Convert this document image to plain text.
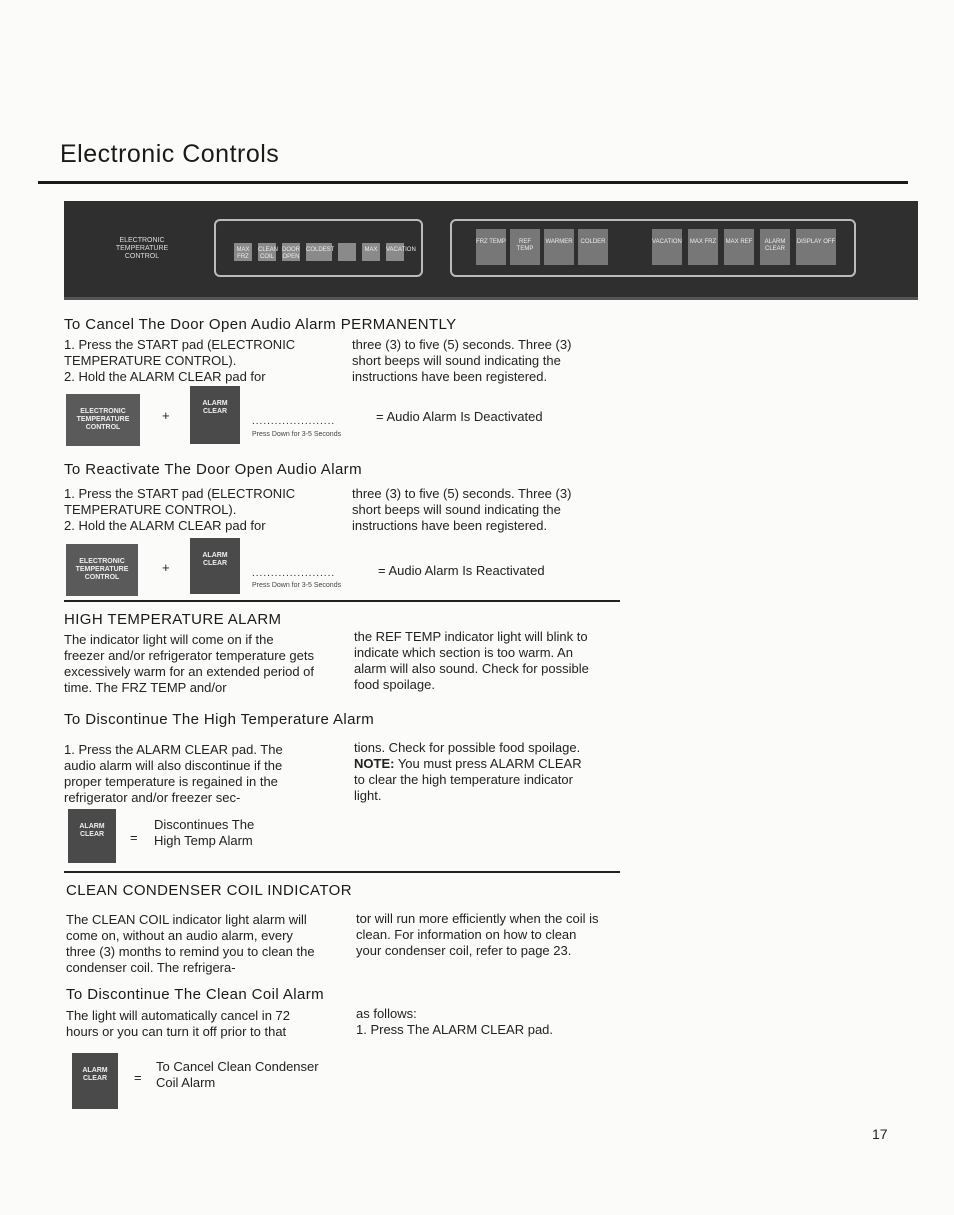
Electronic Controls
ELECTRONIC TEMPERATURE CONTROL
MAX FRZ
CLEAN COIL
DOOR OPEN
COLDEST	MAX	VACATION
FRZ TEMP	REF TEMP
WARMER	COLDER	VACATION	MAX FRZ	MAX REF	ALARM CLEAR
DISPLAY OFF
To Cancel The Door Open Audio Alarm PERMANENTLY
1. Press the START pad (ELECTRONIC TEMPERATURE CONTROL).
2. Hold the ALARM CLEAR pad for
three (3) to five (5) seconds. Three (3) short beeps will sound indicating the instructions have been registered.
ELECTRONIC TEMPERATURE CONTROL
+
ALARM CLEAR
......................
Press Down for 3-5 Seconds
= Audio Alarm Is Deactivated
To Reactivate The Door Open Audio Alarm
1. Press the START pad (ELECTRONIC TEMPERATURE CONTROL).
2. Hold the ALARM CLEAR pad for
three (3) to five (5) seconds. Three (3) short beeps will sound indicating the instructions have been registered.
ELECTRONIC TEMPERATURE CONTROL
+
ALARM CLEAR
......................
Press Down for 3-5 Seconds
= Audio Alarm Is Reactivated
HIGH TEMPERATURE ALARM
The indicator light will come on if the freezer and/or refrigerator temperature gets excessively warm for an extended period of time. The FRZ TEMP and/or
the REF TEMP indicator light will blink to indicate which section is too warm. An alarm will also sound. Check for possible food spoilage.
To Discontinue The High Temperature Alarm
1. Press the ALARM CLEAR pad. The audio alarm will also discontinue if the proper temperature is regained in the refrigerator and/or freezer sec-
tions. Check for possible food spoilage. NOTE: You must press ALARM CLEAR to clear the high temperature indicator light.
ALARM CLEAR	=
Discontinues The High Temp Alarm
CLEAN CONDENSER COIL INDICATOR
The CLEAN COIL indicator light alarm will come on, without an audio alarm, every three (3) months to remind you to clean the condenser coil. The refrigera-
tor will run more efficiently when the coil is clean. For information on how to clean your condenser coil, refer to page 23.
To Discontinue The Clean Coil Alarm
The light will automatically cancel in 72 hours or you can turn it off prior to that
as follows:
1. Press The ALARM CLEAR pad.
ALARM CLEAR	=
To Cancel Clean Condenser Coil Alarm
17
